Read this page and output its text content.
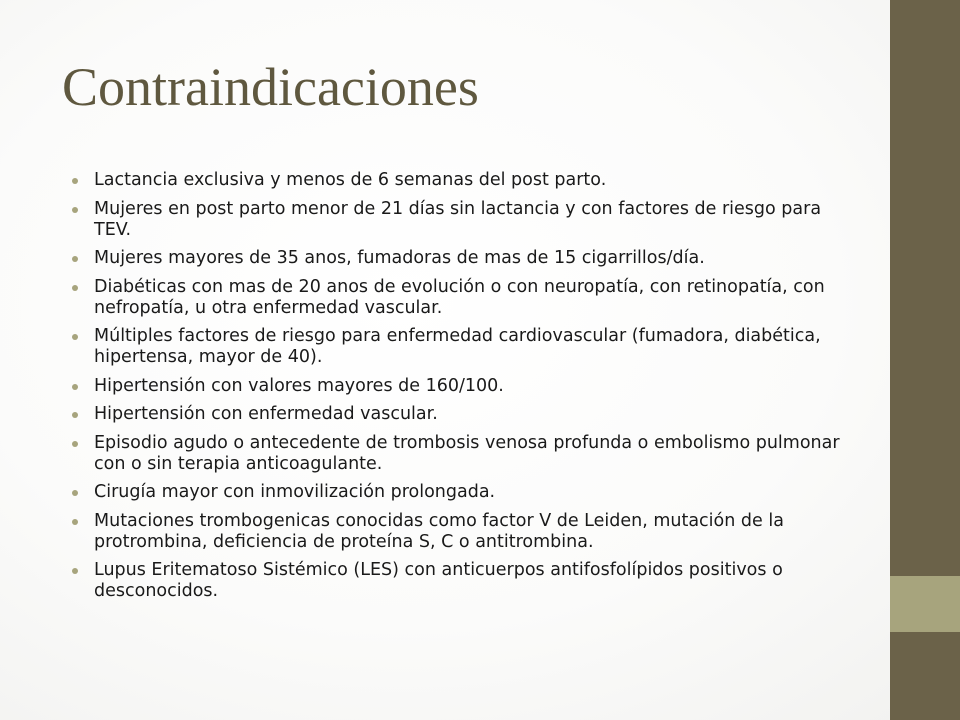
Contraindicaciones
Lactancia exclusiva y menos de 6 semanas del post parto.
Mujeres en post parto menor de 21 días sin lactancia y con factores de riesgo para TEV.
Mujeres mayores de 35 anos, fumadoras de mas de 15 cigarrillos/día.
Diabéticas con mas de 20 anos de evolución o con neuropatía, con retinopatía, con nefropatía, u otra enfermedad vascular.
Múltiples factores de riesgo para enfermedad cardiovascular (fumadora, diabética, hipertensa, mayor de 40).
Hipertensión con valores mayores de 160/100.
Hipertensión con enfermedad vascular.
Episodio agudo o antecedente de trombosis venosa profunda o embolismo pulmonar con o sin terapia anticoagulante.
Cirugía mayor con inmovilización prolongada.
Mutaciones trombogenicas conocidas como factor V de Leiden, mutación de la protrombina, deficiencia de proteína S, C o antitrombina.
Lupus Eritematoso Sistémico (LES) con anticuerpos antifosfolípidos positivos o desconocidos.
